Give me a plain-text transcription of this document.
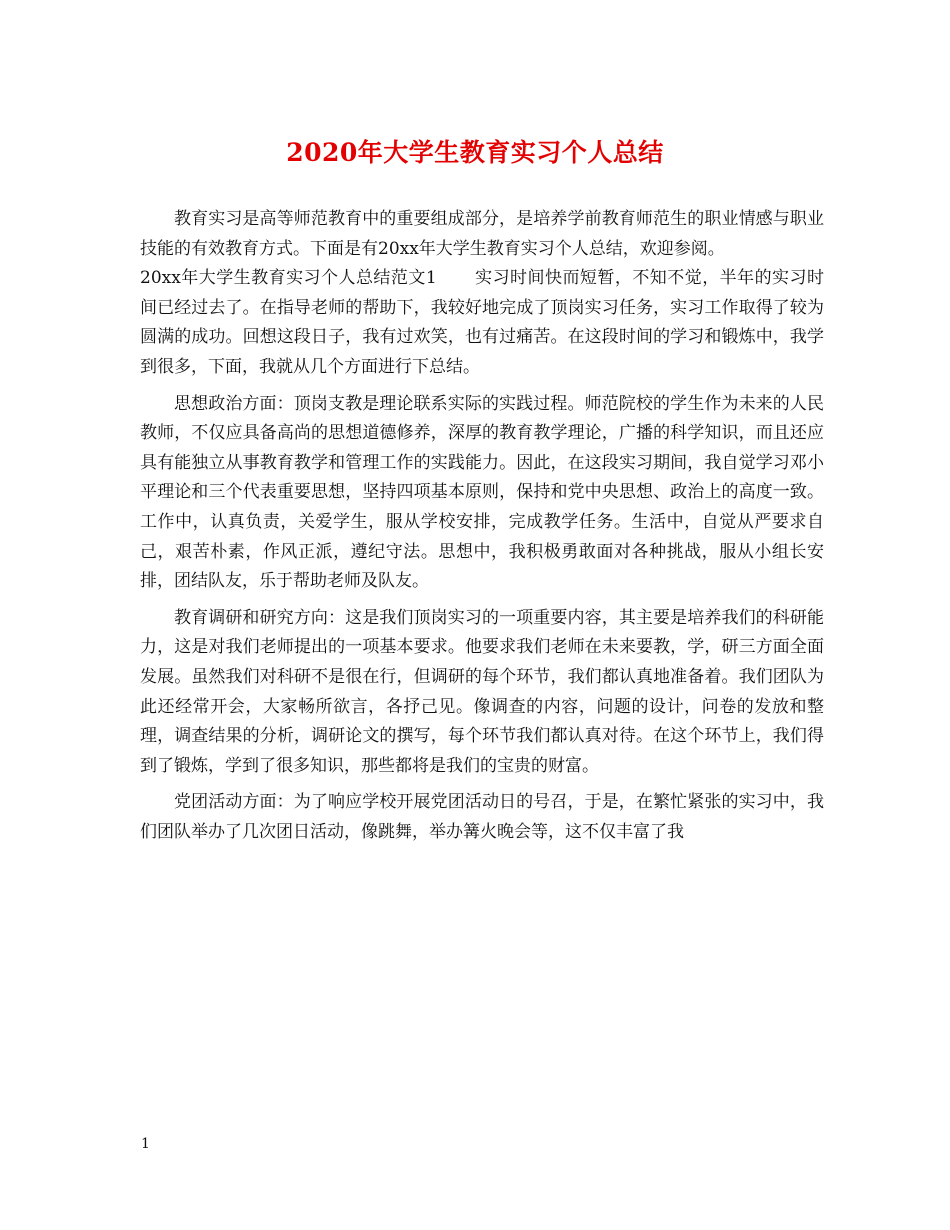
2020年大学生教育实习个人总结

教育实习是高等师范教育中的重要组成部分，是培养学前教育师范生的职业情感与职业技能的有效教育方式。下面是有20xx年大学生教育实习个人总结，欢迎参阅。

20xx年大学生教育实习个人总结范文1 实习时间快而短暂，不知不觉，半年的实习时间已经过去了。在指导老师的帮助下，我较好地完成了顶岗实习任务，实习工作取得了较为圆满的成功。回想这段日子，我有过欢笑，也有过痛苦。在这段时间的学习和锻炼中，我学到很多，下面，我就从几个方面进行下总结。

思想政治方面：顶岗支教是理论联系实际的实践过程。师范院校的学生作为未来的人民教师，不仅应具备高尚的思想道德修养，深厚的教育教学理论，广播的科学知识，而且还应具有能独立从事教育教学和管理工作的实践能力。因此，在这段实习期间，我自觉学习邓小平理论和三个代表重要思想，坚持四项基本原则，保持和党中央思想、政治上的高度一致。工作中，认真负责，关爱学生，服从学校安排，完成教学任务。生活中，自觉从严要求自己，艰苦朴素，作风正派，遵纪守法。思想中，我积极勇敢面对各种挑战，服从小组长安排，团结队友，乐于帮助老师及队友。

教育调研和研究方向：这是我们顶岗实习的一项重要内容，其主要是培养我们的科研能力，这是对我们老师提出的一项基本要求。他要求我们老师在未来要教，学，研三方面全面发展。虽然我们对科研不是很在行，但调研的每个环节，我们都认真地准备着。我们团队为此还经常开会，大家畅所欲言，各抒己见。像调查的内容，问题的设计，问卷的发放和整理，调查结果的分析，调研论文的撰写，每个环节我们都认真对待。在这个环节上，我们得到了锻炼，学到了很多知识，那些都将是我们的宝贵的财富。

党团活动方面：为了响应学校开展党团活动日的号召，于是，在繁忙紧张的实习中，我们团队举办了几次团日活动，像跳舞，举办篝火晚会等，这不仅丰富了我

1
